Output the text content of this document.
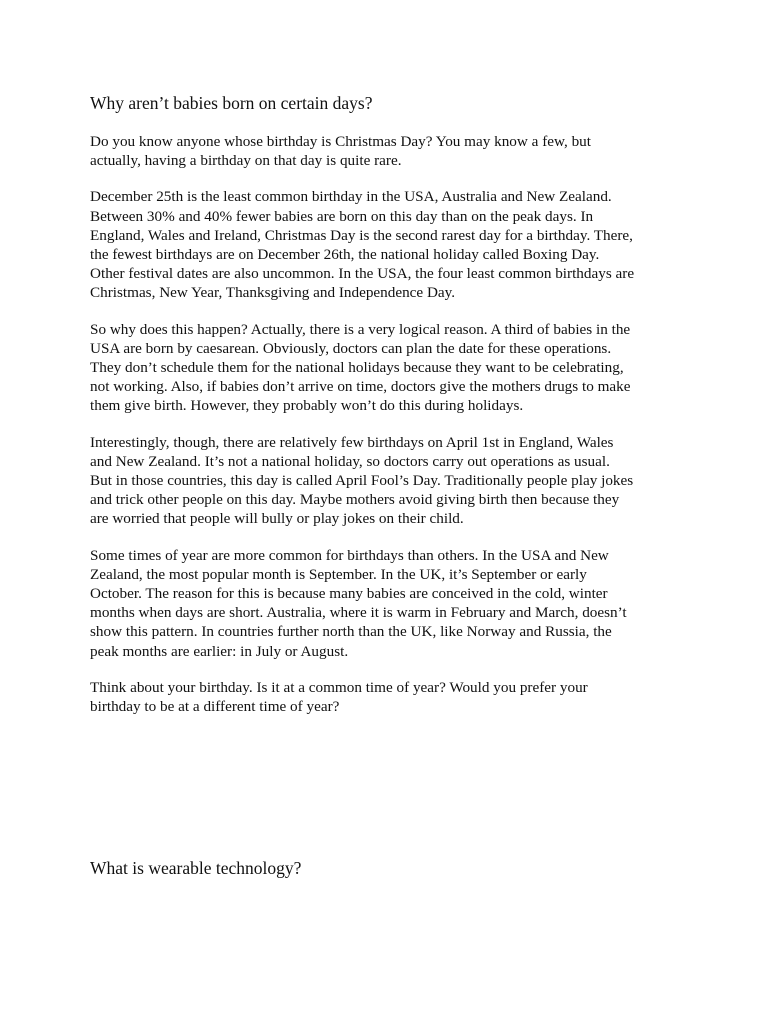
Why aren’t babies born on certain days?

Do you know anyone whose birthday is Christmas Day? You may know a few, but
actually, having a birthday on that day is quite rare.

December 25th is the least common birthday in the USA, Australia and New Zealand.
Between 30% and 40% fewer babies are born on this day than on the peak days. In
England, Wales and Ireland, Christmas Day is the second rarest day for a birthday. There,
the fewest birthdays are on December 26th, the national holiday called Boxing Day.
Other festival dates are also uncommon. In the USA, the four least common birthdays are
Christmas, New Year, Thanksgiving and Independence Day.

So why does this happen? Actually, there is a very logical reason. A third of babies in the
USA are born by caesarean. Obviously, doctors can plan the date for these operations.
They don’t schedule them for the national holidays because they want to be celebrating,
not working. Also, if babies don’t arrive on time, doctors give the mothers drugs to make
them give birth. However, they probably won’t do this during holidays.

Interestingly, though, there are relatively few birthdays on April 1st in England, Wales
and New Zealand. It’s not a national holiday, so doctors carry out operations as usual.
But in those countries, this day is called April Fool’s Day. Traditionally people play jokes
and trick other people on this day. Maybe mothers avoid giving birth then because they
are worried that people will bully or play jokes on their child.

Some times of year are more common for birthdays than others. In the USA and New
Zealand, the most popular month is September. In the UK, it’s September or early
October. The reason for this is because many babies are conceived in the cold, winter
months when days are short. Australia, where it is warm in February and March, doesn’t
show this pattern. In countries further north than the UK, like Norway and Russia, the
peak months are earlier: in July or August.

Think about your birthday. Is it at a common time of year? Would you prefer your
birthday to be at a different time of year?

What is wearable technology?
